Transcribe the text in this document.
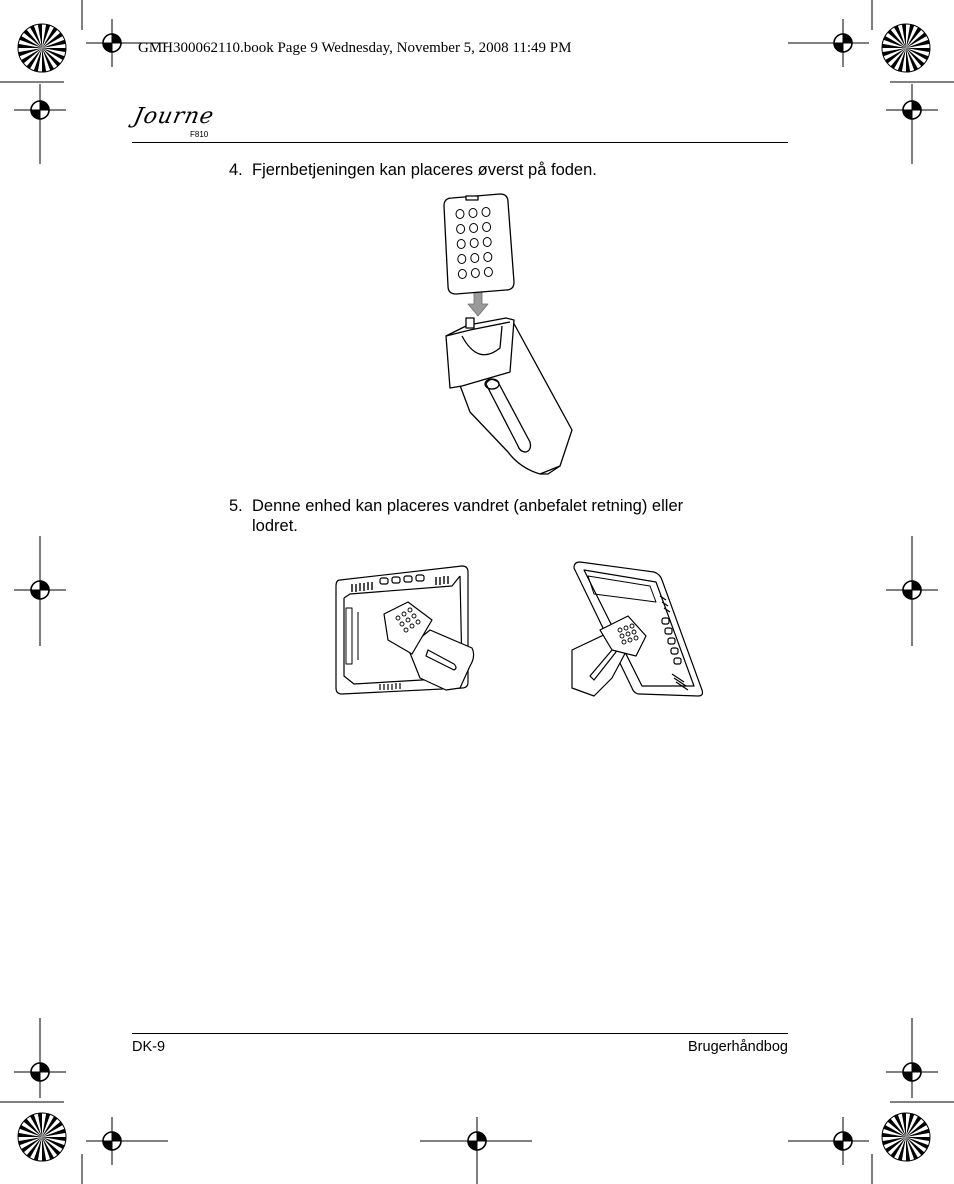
GMH300062110.book Page 9 Wednesday, November 5, 2008 11:49 PM
Journe
F810
4. Fjernbetjeningen kan placeres øverst på foden.
5. Denne enhed kan placeres vandret (anbefalet retning) eller
lodret.
DK-9	Brugerhåndbog
